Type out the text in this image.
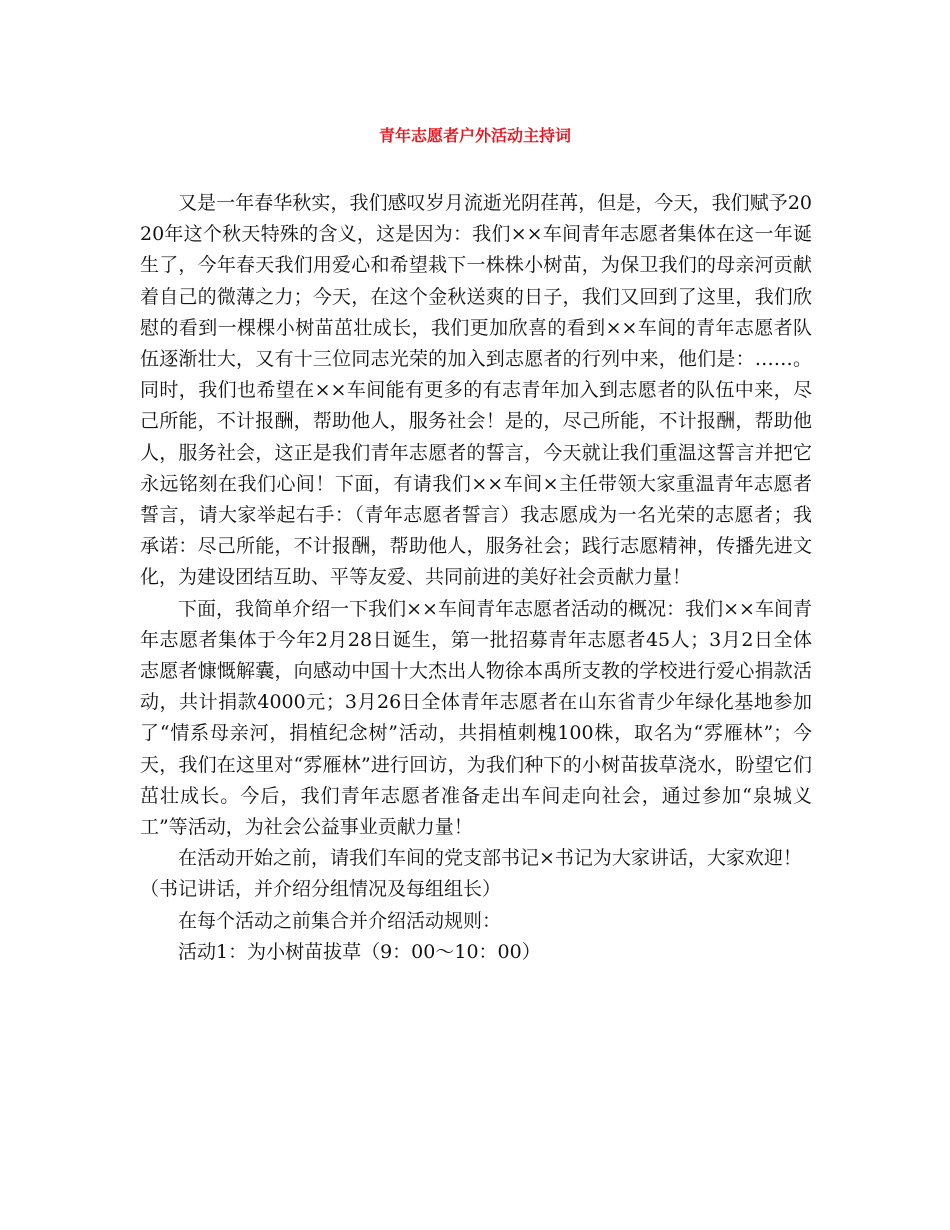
青年志愿者户外活动主持词

又是一年春华秋实，我们感叹岁月流逝光阴荏苒，但是，今天，我们赋予2020年这个秋天特殊的含义，这是因为：我们××车间青年志愿者集体在这一年诞生了，今年春天我们用爱心和希望栽下一株株小树苗，为保卫我们的母亲河贡献着自己的微薄之力；今天，在这个金秋送爽的日子，我们又回到了这里，我们欣慰的看到一棵棵小树苗茁壮成长，我们更加欣喜的看到××车间的青年志愿者队伍逐渐壮大，又有十三位同志光荣的加入到志愿者的行列中来，他们是：……。同时，我们也希望在××车间能有更多的有志青年加入到志愿者的队伍中来，尽己所能，不计报酬，帮助他人，服务社会！是的，尽己所能，不计报酬，帮助他人，服务社会，这正是我们青年志愿者的誓言，今天就让我们重温这誓言并把它永远铭刻在我们心间！下面，有请我们××车间×主任带领大家重温青年志愿者誓言，请大家举起右手：（青年志愿者誓言）我志愿成为一名光荣的志愿者；我承诺：尽己所能，不计报酬，帮助他人，服务社会；践行志愿精神，传播先进文化，为建设团结互助、平等友爱、共同前进的美好社会贡献力量！

下面，我简单介绍一下我们××车间青年志愿者活动的概况：我们××车间青年志愿者集体于今年2月28日诞生，第一批招募青年志愿者45人；3月2日全体志愿者慷慨解囊，向感动中国十大杰出人物徐本禹所支教的学校进行爱心捐款活动，共计捐款4000元；3月26日全体青年志愿者在山东省青少年绿化基地参加了“情系母亲河，捐植纪念树”活动，共捐植刺槐100株，取名为“雰雁林”；今天，我们在这里对“雰雁林”进行回访，为我们种下的小树苗拔草浇水，盼望它们茁壮成长。今后，我们青年志愿者准备走出车间走向社会，通过参加“泉城义工”等活动，为社会公益事业贡献力量！

在活动开始之前，请我们车间的党支部书记×书记为大家讲话，大家欢迎！

（书记讲话，并介绍分组情况及每组组长）

在每个活动之前集合并介绍活动规则：

活动1：为小树苗拔草（9：00～10：00）
